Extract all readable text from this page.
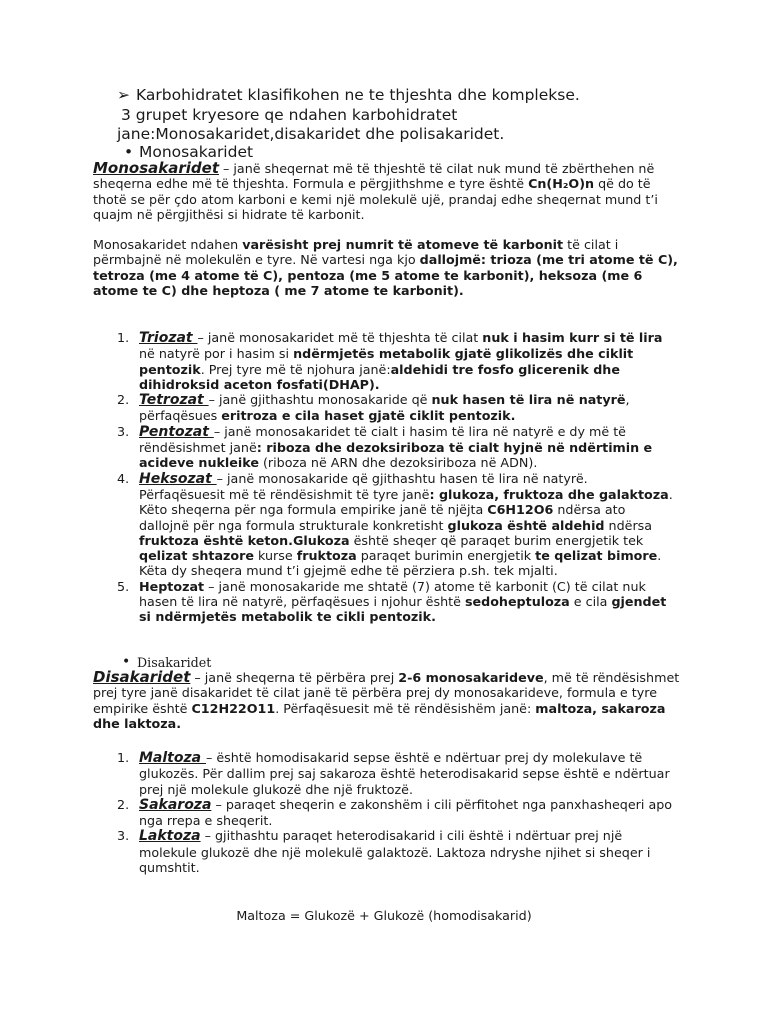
➢ Karbohidratet klasifikohen ne te thjeshta dhe komplekse.
3 grupet kryesore qe ndahen karbohidratet
jane:Monosakaridet,disakaridet dhe polisakaridet.
• Monosakaridet
Monosakaridet – janë sheqernat më të thjeshtë të cilat nuk mund të zbërthehen në sheqerna edhe më të thjeshta. Formula e përgjithshme e tyre është Cn(H₂O)n që do të thotë se për çdo atom karboni e kemi një molekulë ujë, prandaj edhe sheqernat mund t’i quajm në përgjithësi si hidrate të karbonit.
Monosakaridet ndahen varësisht prej numrit të atomeve të karbonit të cilat i përmbajnë në molekulën e tyre. Në vartesi nga kjo dallojmë: trioza (me tri atome të C), tetroza (me 4 atome të C), pentoza (me 5 atome te karbonit), heksoza (me 6 atome te C) dhe heptoza ( me 7 atome te karbonit).
1. Triozat – janë monosakaridet më të thjeshta të cilat nuk i hasim kurr si të lira në natyrë por i hasim si ndërmjetës metabolik gjatë glikolizës dhe ciklit pentozik. Prej tyre më të njohura janë:aldehidi tre fosfo glicerenik dhe dihidroksid aceton fosfati(DHAP).
2. Tetrozat – janë gjithashtu monosakaride që nuk hasen të lira në natyrë, përfaqësues eritroza e cila haset gjatë ciklit pentozik.
3. Pentozat – janë monosakaridet të cialt i hasim të lira në natyrë e dy më të rëndësishmet janë: riboza dhe dezoksiriboza të cialt hyjnë në ndërtimin e acideve nukleike (riboza në ARN dhe dezoksiriboza në ADN).
4. Heksozat – janë monosakaride që gjithashtu hasen të lira në natyrë. Përfaqësuesit më të rëndësishmit të tyre janë: glukoza, fruktoza dhe galaktoza. Këto sheqerna për nga formula empirike janë të njëjta C6H12O6 ndërsa ato dallojnë për nga formula strukturale konkretisht glukoza është aldehid ndërsa fruktoza është keton.Glukoza është sheqer që paraqet burim energjetik tek qelizat shtazore kurse fruktoza paraqet burimin energjetik te qelizat bimore. Këta dy sheqera mund t’i gjejmë edhe të përziera p.sh. tek mjalti.
5. Heptozat – janë monosakaride me shtatë (7) atome të karbonit (C) të cilat nuk hasen të lira në natyrë, përfaqësues i njohur është sedoheptuloza e cila gjendet si ndërmjetës metabolik te cikli pentozik.
• Disakaridet
Disakaridet – janë sheqerna të përbëra prej 2-6 monosakarideve, më të rëndësishmet prej tyre janë disakaridet të cilat janë të përbëra prej dy monosakarideve, formula e tyre empirike është C12H22O11. Përfaqësuesit më të rëndësishëm janë: maltoza, sakaroza dhe laktoza.
1. Maltoza – është homodisakarid sepse është e ndërtuar prej dy molekulave të glukozës. Për dallim prej saj sakaroza është heterodisakarid sepse është e ndërtuar prej një molekule glukozë dhe një fruktozë.
2. Sakaroza – paraqet sheqerin e zakonshëm i cili përfitohet nga panxhasheqeri apo nga rrepa e sheqerit.
3. Laktoza – gjithashtu paraqet heterodisakarid i cili është i ndërtuar prej një molekule glukozë dhe një molekulë galaktozë. Laktoza ndryshe njihet si sheqer i qumshtit.
Maltoza = Glukozë + Glukozë (homodisakarid)
